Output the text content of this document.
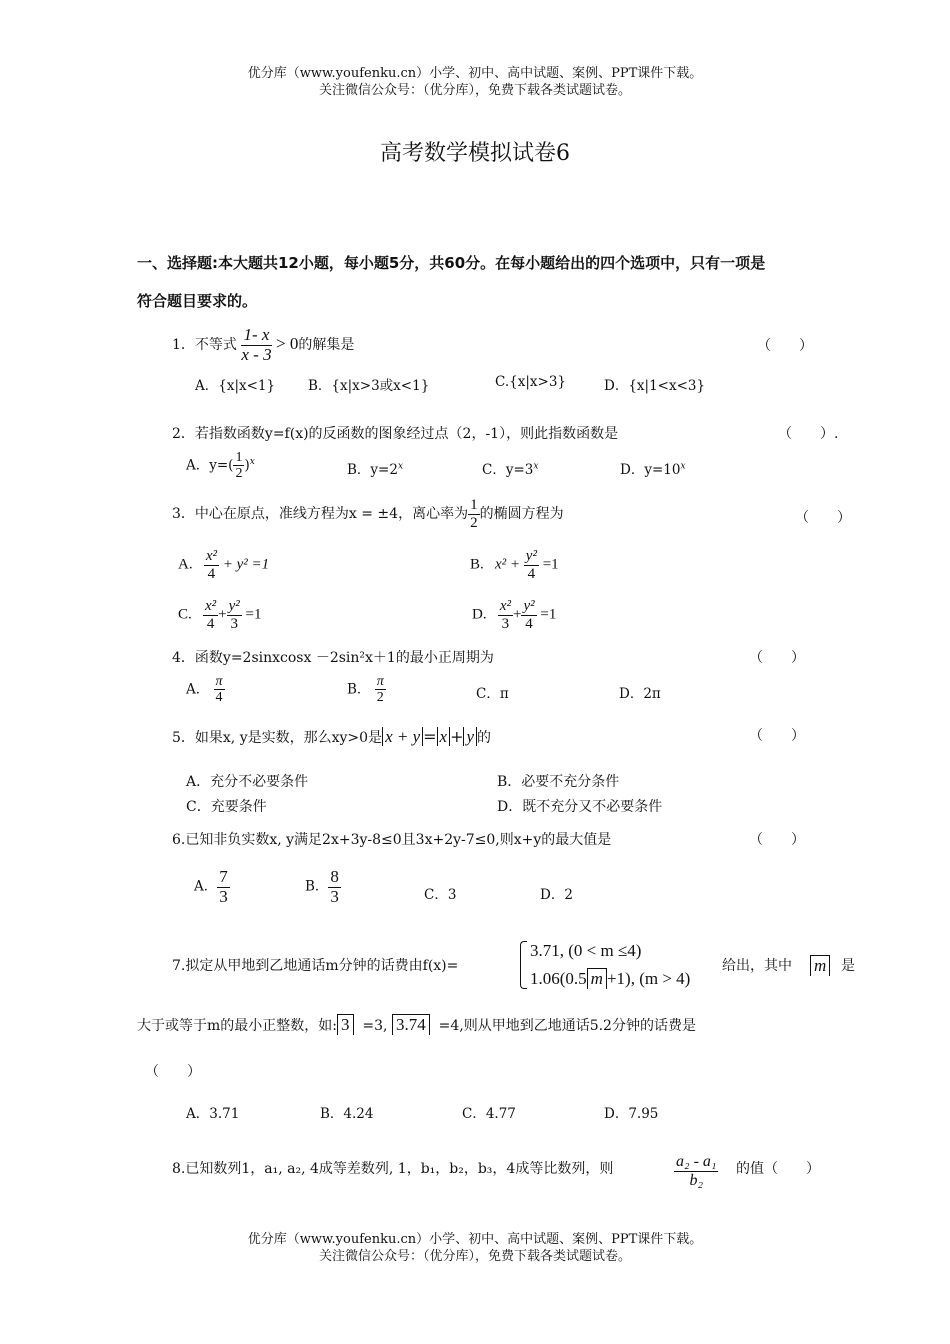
优分库（www.youfenku.cn）小学、初中、高中试题、案例、PPT课件下载。
关注微信公众号：（优分库），免费下载各类试题试卷。
高考数学模拟试卷6
一、选择题:本大题共12小题，每小题5分，共60分。在每小题给出的四个选项中，只有一项是
符合题目要求的。
1．不等式 $\frac{1- x}{x - 3} > 0$的解集是	（　　）
A．{x|x<1} B．{x|x>3或x<1}	C.{x|x>3}	D．{x|1<x<3}
2．若指数函数y=f(x)的反函数的图象经过点（2，-1），则此指数函数是	（　　）.
A．$y=( \frac{1}{2} )^x$
B．$y=2^x$	C．$y=3^x$	D．$y=10^x$
3．中心在原点，准线方程为x = ±4，离心率为 $\frac{1}{2}$ 的椭圆方程为	（　　）
A. $\frac{\text{x²}}{4} + y^2 =1$	B. $x^2 + \frac{\text{y²}}{4} =1$
C. $\frac{\text{x²}}{4} + \frac{\text{y²}}{3} =1$	D. $\frac{\text{x²}}{3} + \frac{\text{y²}}{4} =1$
4．函数y=2sinxcosx －2sin²x＋1的最小正周期为	（　　）
A． $\frac{\pi}{4}$	B． $\frac{\pi}{2}$	C．π	D．2π
5．如果x, y是实数，那么xy>0是 x + y = x + y 的	（　　）
A．充分不必要条件	B．必要不充分条件
C．充要条件	D．既不充分又不必要条件
6.已知非负实数x, y满足2x+3y-8≤0且3x+2y-7≤0,则x+y的最大值是	（　　）
A． $\frac{7}{3}$	B． $\frac{8}{3}$	C．3	D．2
7.拟定从甲地到乙地通话m分钟的话费由f(x)=
3.71, (0 < m ≤4)
1.06(0.5 m +1), (m > 4)
给出，其中 m 是
大于或等于m的最小正整数，如: 3 =3, 3.74 =4,则从甲地到乙地通话5.2分钟的话费是
（　　）
A．3.71	B．4.24	C．4.77	D．7.95
8.已知数列1，a₁, a₂, 4成等差数列, 1，b₁，b₂，b₃，4成等比数列，则	$\frac{\text{a₂ - a₁}}{\text{b₂}}$ 的值（　　）
优分库（www.youfenku.cn）小学、初中、高中试题、案例、PPT课件下载。
关注微信公众号：（优分库），免费下载各类试题试卷。
